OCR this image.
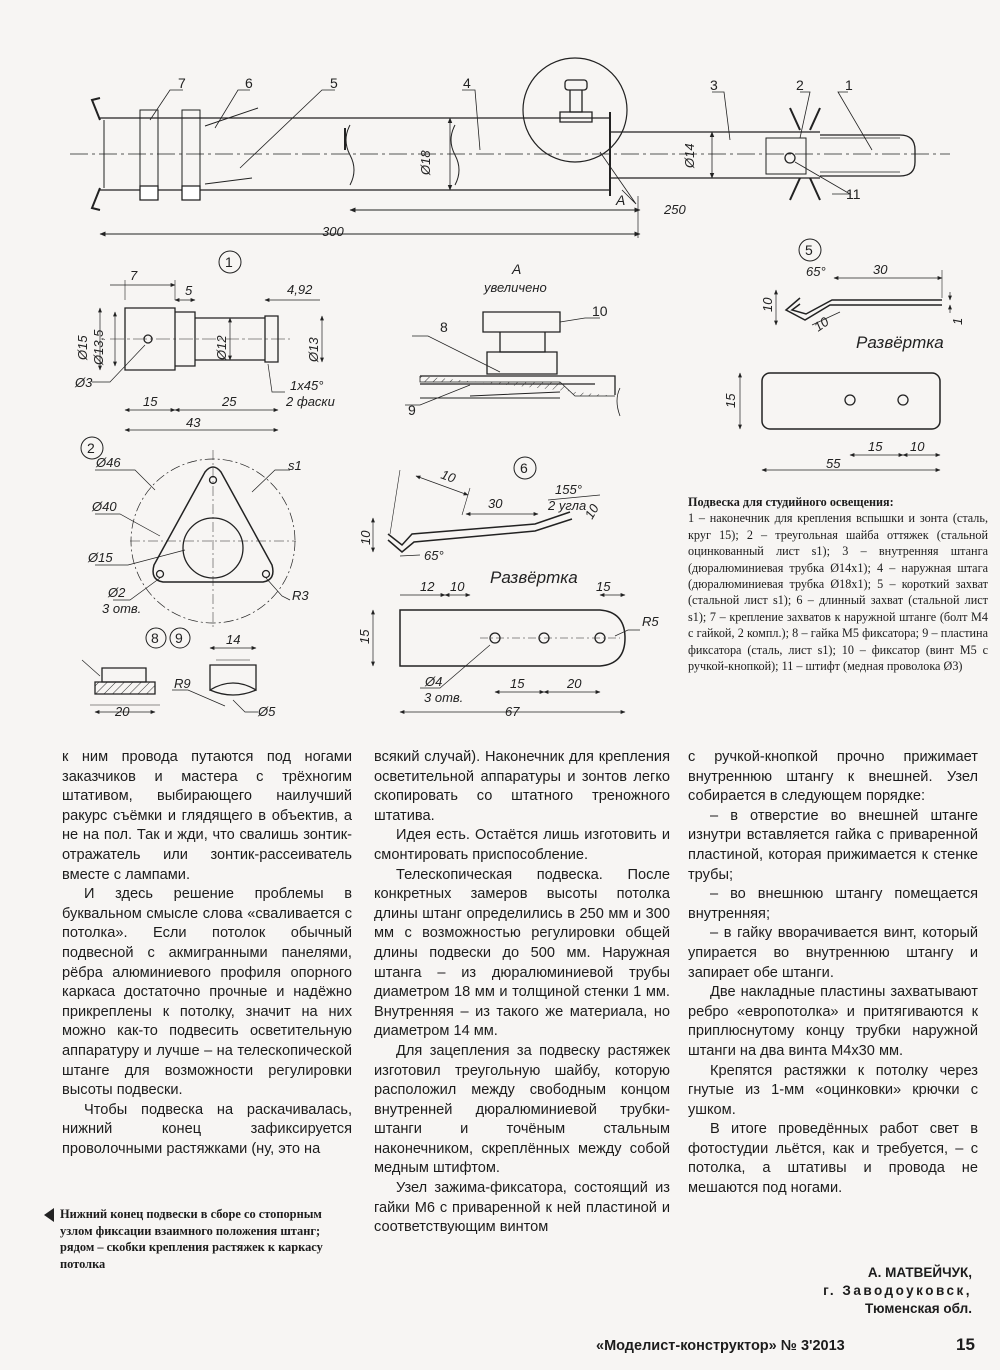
7	6	5	4	3	2	1
11
Ø18	Ø14
250
300
A
1
7
5	4,92
Ø15 Ø13,5
Ø3
Ø12	Ø13
1x45°
2 фаски
15	25
43
2
Ø46
Ø40
Ø15
Ø2
3 отв.
s1
R3
8 9	14
20
R9
Ø5
A
увеличено
8
9
10
6
155°
2 угла
10
10
30
10
65°
Развёртка
12 10	15
15
R5
Ø4
3 отв.
15	20
67
5
65°	30
10
10	1
Развёртка
15
15 10
55
Подвеска для студийного освещения:
1 – наконечник для крепления вспышки и зонта (сталь, круг 15); 2 – треугольная шайба оттяжек (стальной оцинкованный лист s1); 3 – внутренняя штанга (дюралюминиевая трубка Ø14x1); 4 – наружная штага (дюралюминиевая трубка Ø18x1); 5 – короткий захват (стальной лист s1); 6 – длинный захват (стальной лист s1); 7 – крепление захватов к наружной штанге (болт М4 с гайкой, 2 компл.); 8 – гайка М5 фиксатора; 9 – пластина фиксатора (сталь, лист s1); 10 – фиксатор (винт М5 с ручкой-кнопкой); 11 – штифт (медная проволока Ø3)

к ним провода путаются под ногами заказчиков и мастера с трёхногим штативом, выбирающего наилучший ракурс съёмки и глядящего в объектив, а не на пол. Так и жди, что свалишь зонтик-отражатель или зонтик-рассеиватель вместе с лампами.

И здесь решение проблемы в буквальном смысле слова «сваливается с потолка». Если потолок обычный подвесной с акмигранными панелями, рёбра алюминиевого профиля опорного каркаса достаточно прочные и надёжно прикреплены к потолку, значит на них можно как-то подвесить осветительную аппаратуру и лучше – на телескопической штанге для возможности регулировки высоты подвески.

Чтобы подвеска на раскачивалась, нижний конец зафиксируется проволочными растяжками (ну, это на

Нижний конец подвески в сборе со стопорным узлом фиксации взаимного положения штанг; рядом – скобки крепления растяжек к каркасу потолка

всякий случай). Наконечник для крепления осветительной аппаратуры и зонтов легко скопировать со штатного треножного штатива.

Идея есть. Остаётся лишь изготовить и смонтировать приспособление.

Телескопическая подвеска. После конкретных замеров высоты потолка длины штанг определились в 250 мм и 300 мм с возможностью регулировки общей длины подвески до 500 мм. Наружная штанга – из дюралюминиевой трубы диаметром 18 мм и толщиной стенки 1 мм. Внутренняя – из такого же материала, но диаметром 14 мм.

Для зацепления за подвеску растяжек изготовил треугольную шайбу, которую расположил между свободным концом внутренней дюралюминиевой трубки-штанги и точёным стальным наконечником, скреплённых между собой медным штифтом.

Узел зажима-фиксатора, состоящий из гайки М6 с приваренной к ней пластиной и соответствующим винтом

с ручкой-кнопкой прочно прижимает внутреннюю штангу к внешней. Узел собирается в следующем порядке:

– в отверстие во внешней штанге изнутри вставляется гайка с приваренной пластиной, которая прижимается к стенке трубы;

– во внешнюю штангу помещается внутренняя;

– в гайку вворачивается винт, который упирается во внутреннюю штангу и запирает обе штанги.

Две накладные пластины захватывают ребро «европотолка» и притягиваются к приплюснутому концу трубки наружной штанги на два винта М4x30 мм.

Крепятся растяжки к потолку через гнутые из 1-мм «оцинковки» крючки с ушком.

В итоге проведённых работ свет в фотостудии льётся, как и требуется, – с потолка, а штативы и провода не мешаются под ногами.

А. МАТВЕЙЧУК,
г. Заводоуковск,
Тюменская обл.
«Моделист-конструктор» № 3'2013	15
